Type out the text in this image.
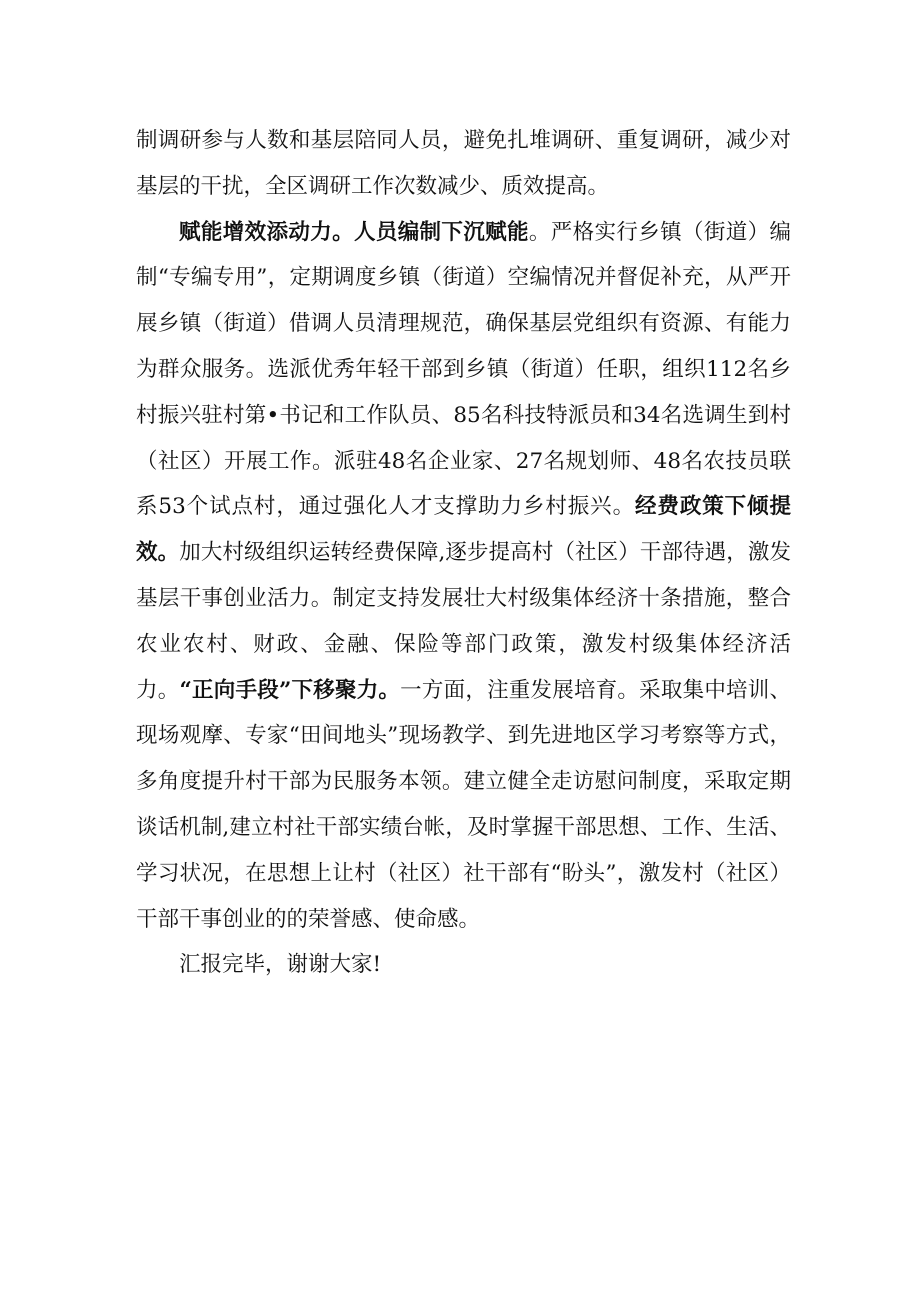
制调研参与人数和基层陪同人员，避免扎堆调研、重复调研，减少对基层的干扰，全区调研工作次数减少、质效提高。

赋能增效添动力。人员编制下沉赋能。严格实行乡镇（街道）编制“专编专用”，定期调度乡镇（街道）空编情况并督促补充，从严开展乡镇（街道）借调人员清理规范，确保基层党组织有资源、有能力为群众服务。选派优秀年轻干部到乡镇（街道）任职，组织112名乡村振兴驻村第•书记和工作队员、85名科技特派员和34名选调生到村（社区）开展工作。派驻48名企业家、27名规划师、48名农技员联系53个试点村，通过强化人才支撑助力乡村振兴。经费政策下倾提效。加大村级组织运转经费保障,逐步提高村（社区）干部待遇，激发基层干事创业活力。制定支持发展壮大村级集体经济十条措施，整合农业农村、财政、金融、保险等部门政策，激发村级集体经济活力。“正向手段”下移聚力。一方面，注重发展培育。采取集中培训、现场观摩、专家“田间地头”现场教学、到先进地区学习考察等方式，多角度提升村干部为民服务本领。建立健全走访慰问制度，采取定期谈话机制,建立村社干部实绩台帐，及时掌握干部思想、工作、生活、学习状况，在思想上让村（社区）社干部有“盼头”，激发村（社区）干部干事创业的的荣誉感、使命感。

汇报完毕，谢谢大家!
